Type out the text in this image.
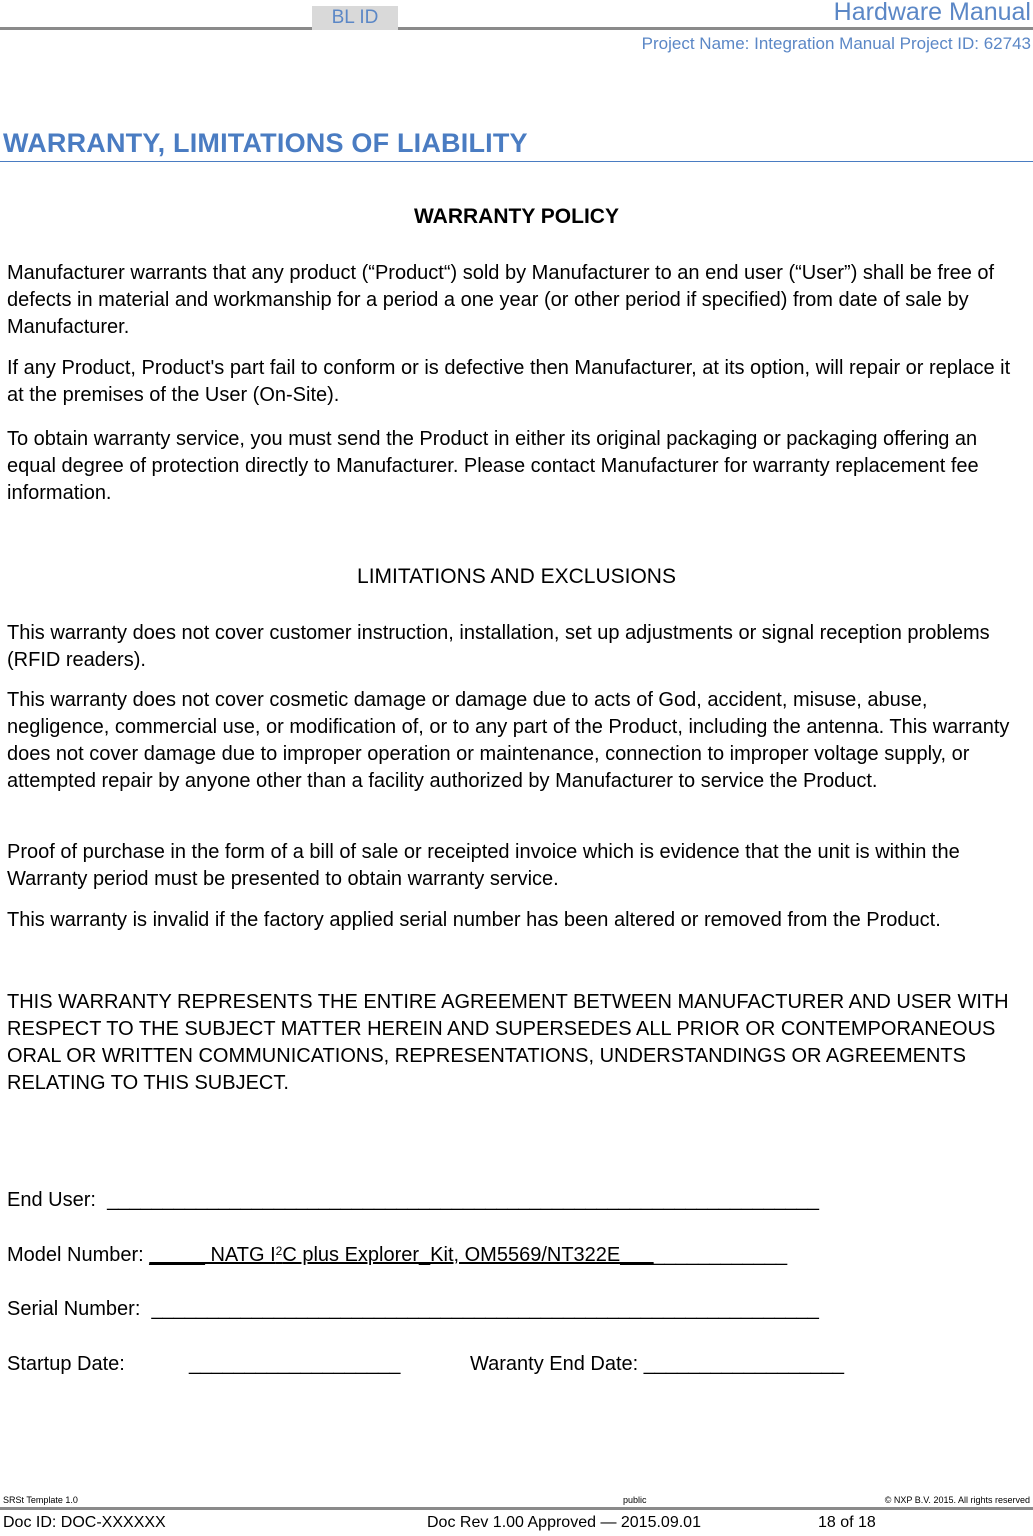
BL ID	Hardware Manual
Project Name: Integration Manual Project ID: 62743
WARRANTY, LIMITATIONS OF LIABILITY
WARRANTY POLICY
Manufacturer warrants that any product (“Product“) sold by Manufacturer to an end user (“User”) shall be free of defects in material and workmanship for a period a one year (or other period if specified) from date of sale by Manufacturer.
If any Product, Product's part fail to conform or is defective then Manufacturer, at its option, will repair or replace it at the premises of the User (On-Site).
To obtain warranty service, you must send the Product in either its original packaging or packaging offering an equal degree of protection directly to Manufacturer. Please contact Manufacturer for warranty replacement fee information.
LIMITATIONS AND EXCLUSIONS
This warranty does not cover customer instruction, installation, set up adjustments or signal reception problems (RFID readers).
This warranty does not cover cosmetic damage or damage due to acts of God, accident, misuse, abuse, negligence, commercial use, or modification of, or to any part of the Product, including the antenna. This warranty does not cover damage due to improper operation or maintenance, connection to improper voltage supply, or attempted repair by anyone other than a facility authorized by Manufacturer to service the Product.
Proof of purchase in the form of a bill of sale or receipted invoice which is evidence that the unit is within the Warranty period must be presented to obtain warranty service.
This warranty is invalid if the factory applied serial number has been altered or removed from the Product.
THIS WARRANTY REPRESENTS THE ENTIRE AGREEMENT BETWEEN MANUFACTURER AND USER WITH RESPECT TO THE SUBJECT MATTER HEREIN AND SUPERSEDES ALL PRIOR OR CONTEMPORANEOUS ORAL OR WRITTEN COMMUNICATIONS, REPRESENTATIONS, UNDERSTANDINGS OR AGREEMENTS RELATING TO THIS SUBJECT.
End User: ________________________________________________________________
Model Number: _____ NATG $I^2C$ plus Explorer_Kit, OM5569/NT322E_______________
Serial Number: ____________________________________________________________
Startup Date:	___________________	Waranty End Date: __________________
SRSt Template 1.0	public	© NXP B.V. 2015. All rights reserved
Doc ID: DOC-XXXXXX	Doc Rev 1.00 Approved — 2015.09.01	18 of 18
